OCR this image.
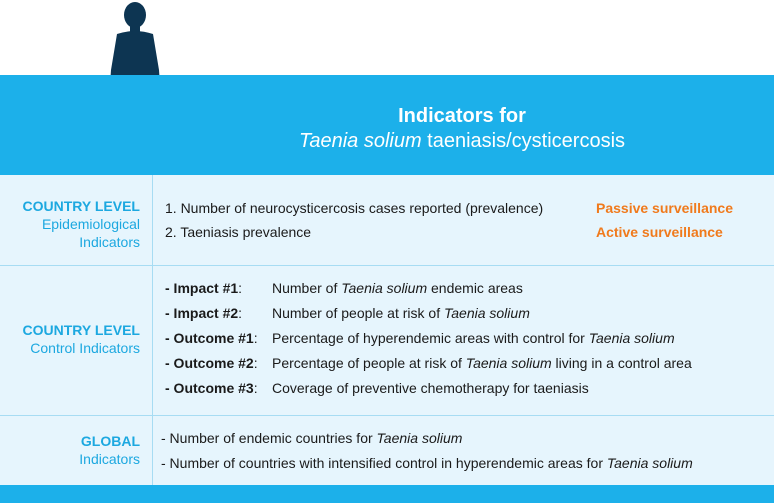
Indicators for
Taenia solium taeniasis/cysticercosis
COUNTRY LEVEL
Epidemiological
Indicators
1. Number of neurocysticercosis cases reported (prevalence)	Passive surveillance
2. Taeniasis prevalence	Active surveillance
COUNTRY LEVEL
Control Indicators
- Impact #1: Number of Taenia solium endemic areas
- Impact #2: Number of people at risk of Taenia solium
- Outcome #1: Percentage of hyperendemic areas with control for Taenia solium
- Outcome #2: Percentage of people at risk of Taenia solium living in a control area
- Outcome #3: Coverage of preventive chemotherapy for taeniasis
GLOBAL
Indicators
- Number of endemic countries for Taenia solium
- Number of countries with intensified control in hyperendemic areas for Taenia solium
